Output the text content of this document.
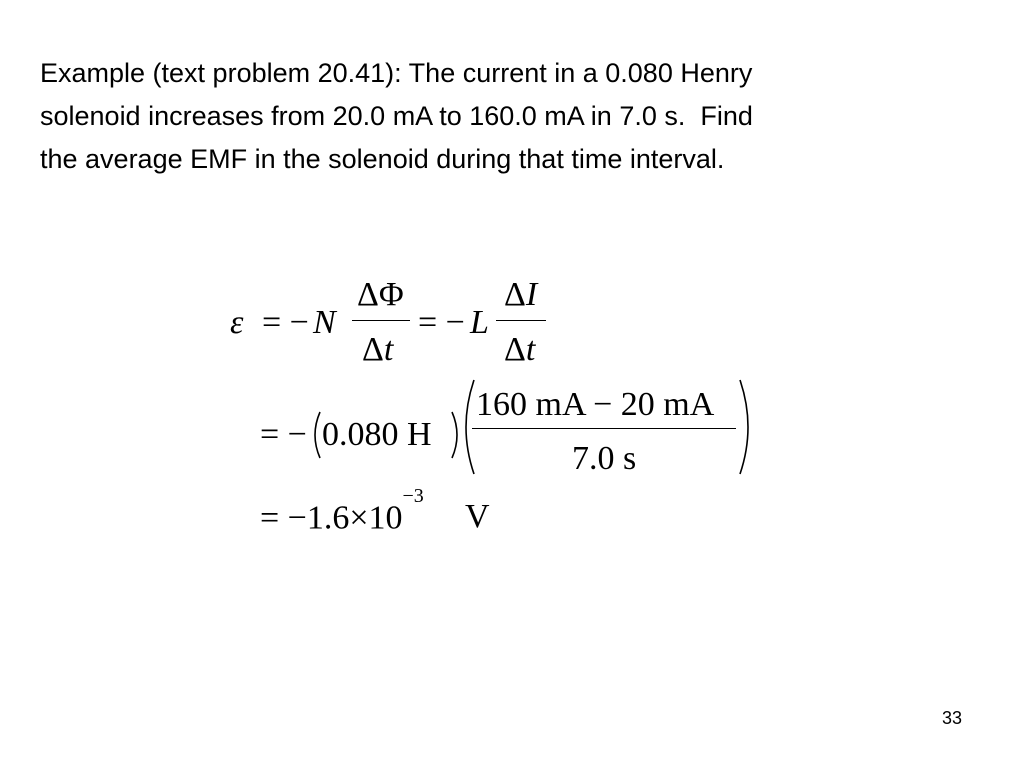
Example (text problem 20.41): The current in a 0.080 Henry
solenoid increases from 20.0 mA to 160.0 mA in 7.0 s.  Find
the average EMF in the solenoid during that time interval.

ε = − N
ΔΦ
Δt
= − L
ΔI
Δt
= − 0.080 H
160 mA − 20 mA
7.0 s
= $-1.6\times 10^{-3}$
V
33
